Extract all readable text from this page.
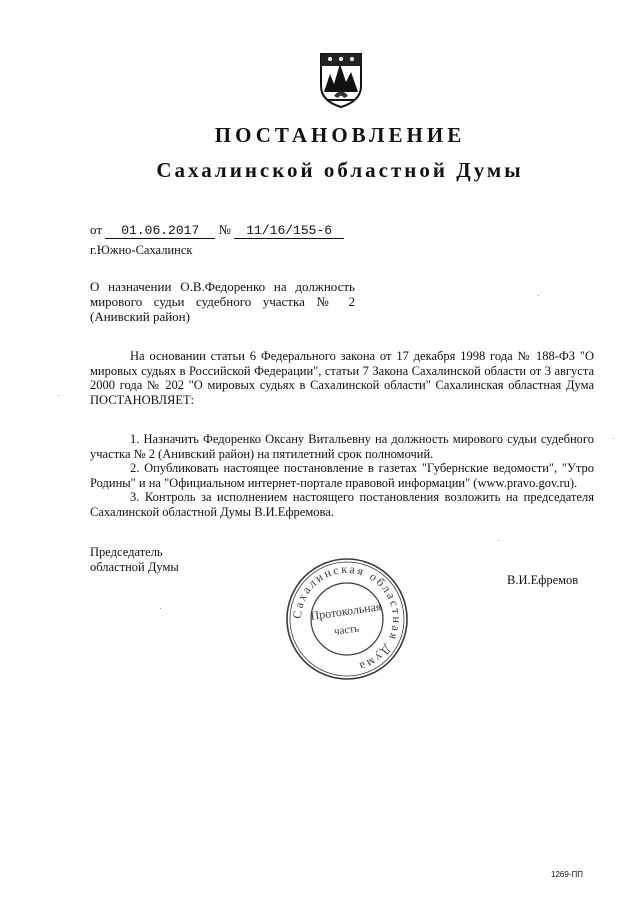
ПОСТАНОВЛЕНИЕ
Сахалинской областной Думы
от 01.06.2017 № 11/16/155-6
г.Южно-Сахалинск
О назначении О.В.Федоренко на должность
мирового судьи судебного участка № 2
(Анивский район)

На основании статьи 6 Федерального закона от 17 декабря 1998 года № 188-ФЗ "О мировых судьях в Российской Федерации", статьи 7 Закона Сахалинской области от 3 августа 2000 года № 202 "О мировых судьях в Сахалинской области" Сахалинская областная Дума ПОСТАНОВЛЯЕТ:

1. Назначить Федоренко Оксану Витальевну на должность мирового судьи судебного участка № 2 (Анивский район) на пятилетний срок полномочий.

2. Опубликовать настоящее постановление в газетах "Губернские ведомости", "Утро Родины" и на "Официальном интернет-портале правовой информации" (www.pravo.gov.ru).

3. Контроль за исполнением настоящего постановления возложить на председателя Сахалинской областной Думы В.И.Ефремова.

Председатель
областной Думы
В.И.Ефремов
Сахалинская областная Дума
Протокольная
часть
1269-ПП
